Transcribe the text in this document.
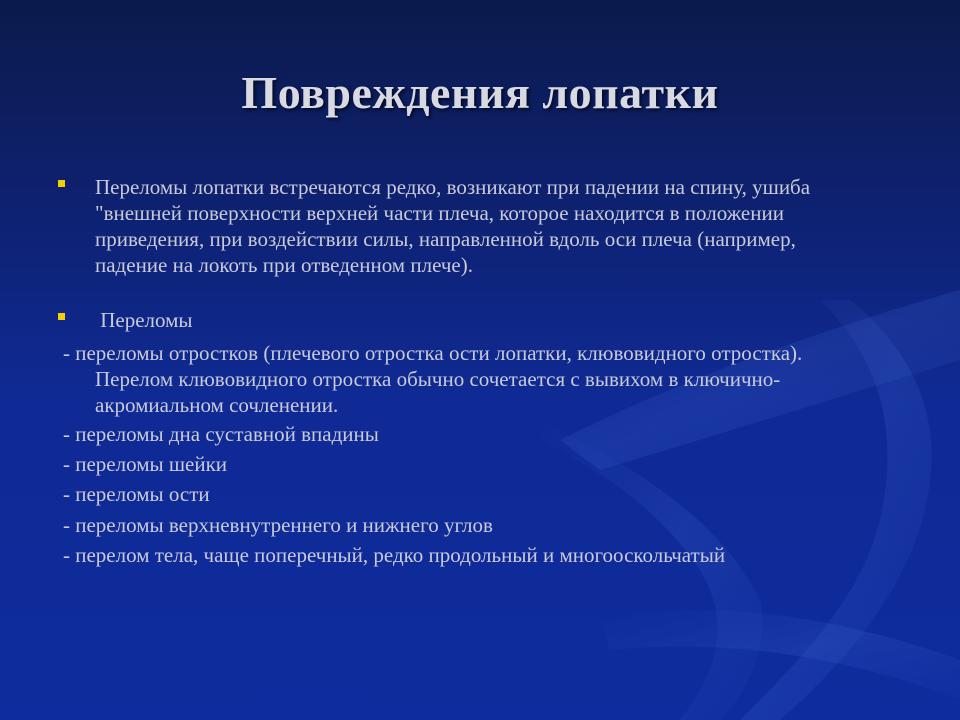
Повреждения лопатки
Переломы лопатки встречаются редко, возникают при падении на спину, ушиба "внешней поверхности верхней части плеча, которое находится в положении приведения, при воздействии силы, направленной вдоль оси плеча (например, падение на локоть при отведенном плече).
Переломы
- переломы отростков (плечевого отростка ости лопатки, клювовидного отростка). Перелом клювовидного отростка обычно сочетается с вывихом в ключично-акромиальном сочленении.
- переломы дна суставной впадины
- переломы шейки
- переломы ости
- переломы верхневнутреннего и нижнего углов
- перелом тела, чаще поперечный, редко продольный и многооскольчатый
